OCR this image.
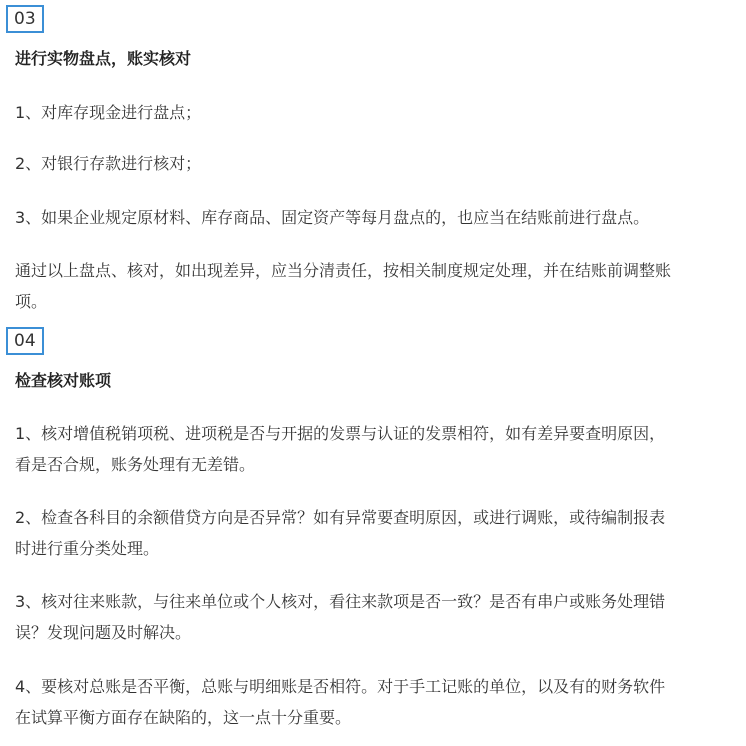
03
进行实物盘点，账实核对
1、对库存现金进行盘点；
2、对银行存款进行核对；
3、如果企业规定原材料、库存商品、固定资产等每月盘点的，也应当在结账前进行盘点。
通过以上盘点、核对，如出现差异，应当分清责任，按相关制度规定处理，并在结账前调整账
项。
04
检查核对账项
1、核对增值税销项税、进项税是否与开据的发票与认证的发票相符，如有差异要查明原因，
看是否合规，账务处理有无差错。
2、检查各科目的余额借贷方向是否异常？如有异常要查明原因，或进行调账，或待编制报表
时进行重分类处理。
3、核对往来账款，与往来单位或个人核对，看往来款项是否一致？是否有串户或账务处理错
误？发现问题及时解决。
4、要核对总账是否平衡，总账与明细账是否相符。对于手工记账的单位，以及有的财务软件
在试算平衡方面存在缺陷的，这一点十分重要。
